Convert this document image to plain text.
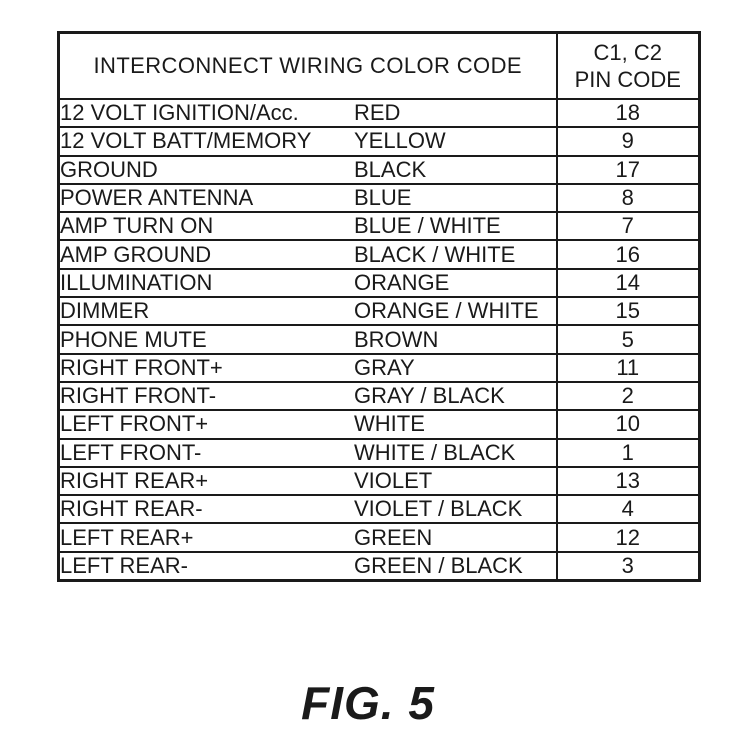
INTERCONNECT WIRING COLOR CODE	C1, C2
PIN CODE

12 VOLT IGNITION/Acc. RED	18
12 VOLT BATT/MEMORY YELLOW	9
GROUND BLACK	17
POWER ANTENNA BLUE	8
AMP TURN ON BLUE / WHITE	7
AMP GROUND BLACK / WHITE	16
ILLUMINATION ORANGE	14
DIMMER ORANGE / WHITE	15
PHONE MUTE BROWN	5
RIGHT FRONT+ GRAY	11
RIGHT FRONT- GRAY / BLACK	2
LEFT FRONT+ WHITE	10
LEFT FRONT- WHITE / BLACK	1
RIGHT REAR+ VIOLET	13
RIGHT REAR- VIOLET / BLACK	4
LEFT REAR+ GREEN	12
LEFT REAR- GREEN / BLACK	3
FIG. 5
